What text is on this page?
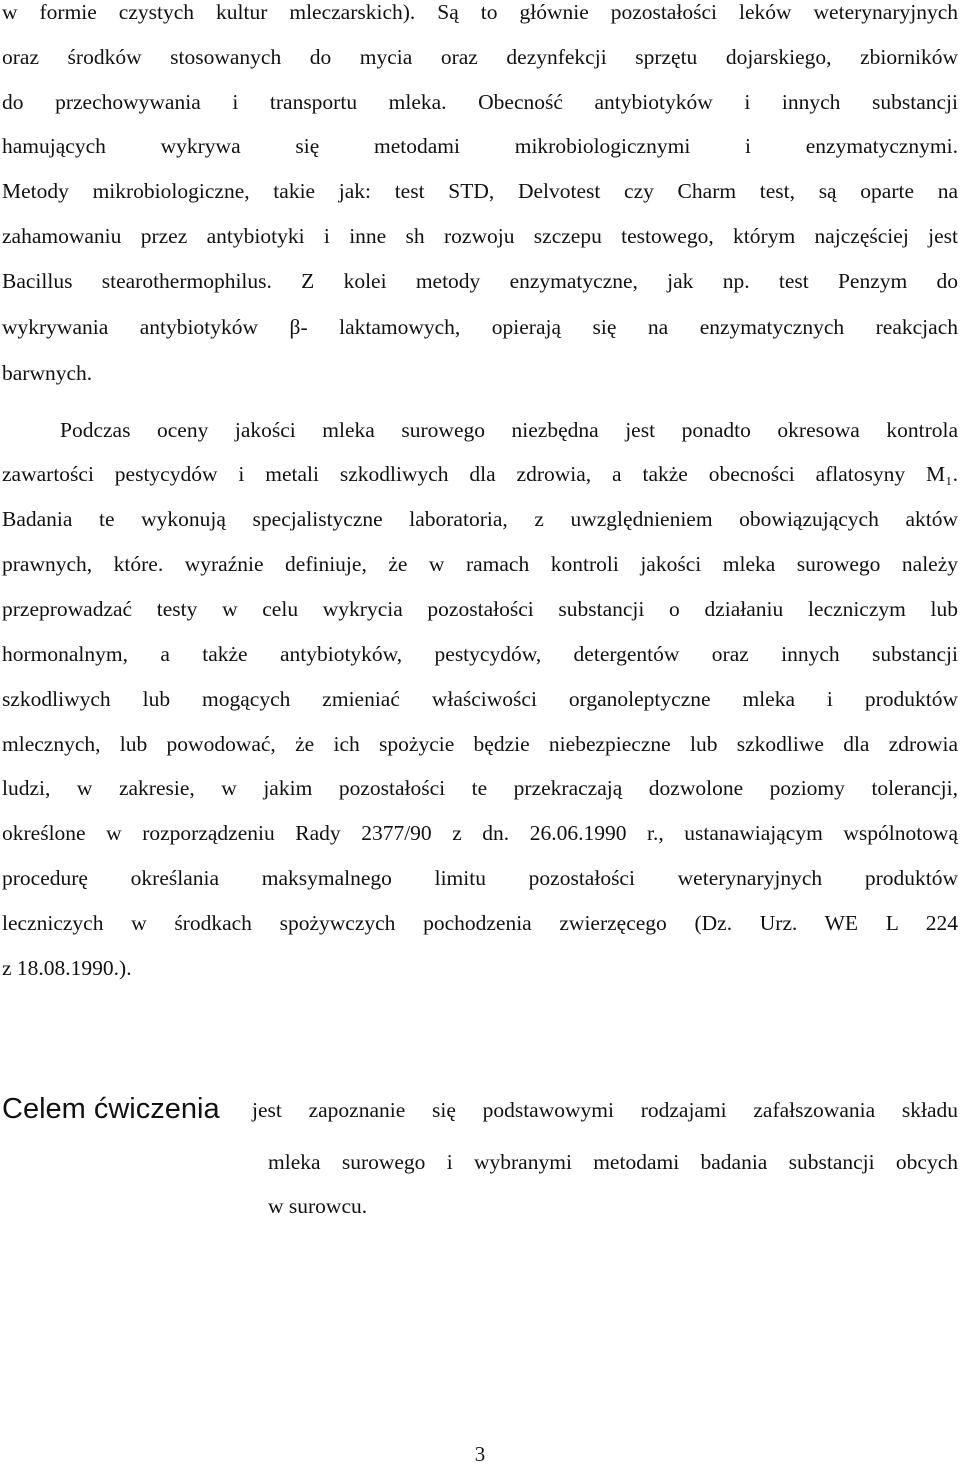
w formie czystych kultur mleczarskich). Są to głównie pozostałości leków weterynaryjnych
oraz środków stosowanych do mycia oraz dezynfekcji sprzętu dojarskiego, zbiorników
do przechowywania i transportu mleka. Obecność antybiotyków i innych substancji
hamujących wykrywa się metodami mikrobiologicznymi i enzymatycznymi.
Metody mikrobiologiczne, takie jak: test STD, Delvotest czy Charm test, są oparte na
zahamowaniu przez antybiotyki i inne sh rozwoju szczepu testowego, którym najczęściej jest
Bacillus stearothermophilus. Z kolei metody enzymatyczne, jak np. test Penzym do
wykrywania antybiotyków β- laktamowych, opierają się na enzymatycznych reakcjach
barwnych.
Podczas oceny jakości mleka surowego niezbędna jest ponadto okresowa kontrola
zawartości pestycydów i metali szkodliwych dla zdrowia, a także obecności aflatosyny M₁.
Badania te wykonują specjalistyczne laboratoria, z uwzględnieniem obowiązujących aktów
prawnych, które. wyraźnie definiuje, że w ramach kontroli jakości mleka surowego należy
przeprowadzać testy w celu wykrycia pozostałości substancji o działaniu leczniczym lub
hormonalnym, a także antybiotyków, pestycydów, detergentów oraz innych substancji
szkodliwych lub mogących zmieniać właściwości organoleptyczne mleka i produktów
mlecznych, lub powodować, że ich spożycie będzie niebezpieczne lub szkodliwe dla zdrowia
ludzi, w zakresie, w jakim pozostałości te przekraczają dozwolone poziomy tolerancji,
określone w rozporządzeniu Rady 2377/90 z dn. 26.06.1990 r., ustanawiającym wspólnotową
procedurę określania maksymalnego limitu pozostałości weterynaryjnych produktów
leczniczych w środkach spożywczych pochodzenia zwierzęcego (Dz. Urz. WE L 224
z 18.08.1990.).
Celem ćwiczenia jest zapoznanie się podstawowymi rodzajami zafałszowania składu
mleka surowego i wybranymi metodami badania substancji obcych
w surowcu.
3
